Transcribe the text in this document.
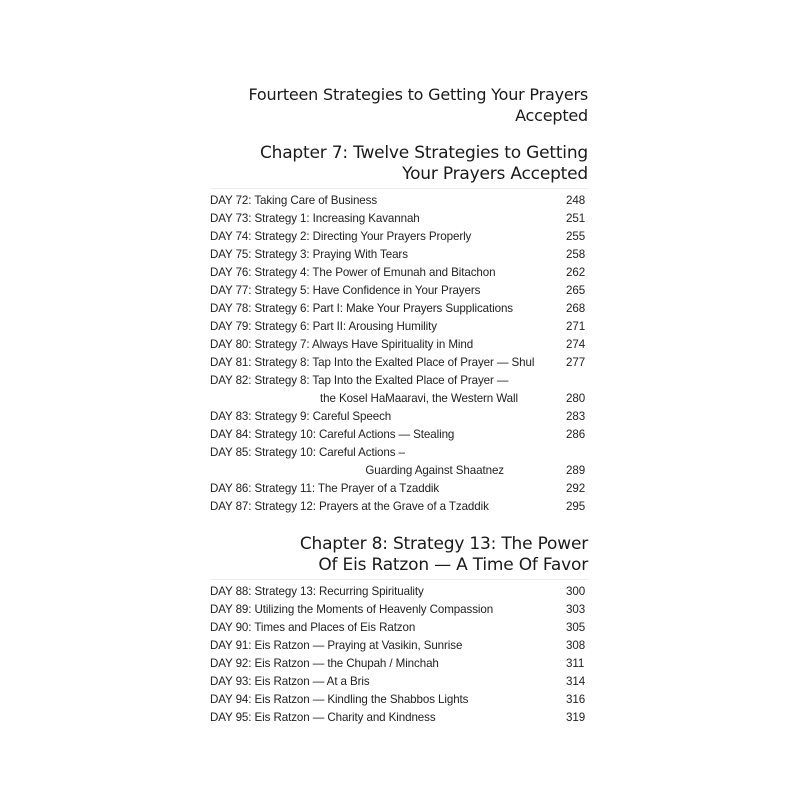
Fourteen Strategies to Getting Your Prayers Accepted
Chapter 7: Twelve Strategies to Getting
Your Prayers Accepted
DAY 72: Taking Care of Business	248
DAY 73: Strategy 1: Increasing Kavannah	251
DAY 74: Strategy 2: Directing Your Prayers Properly	255
DAY 75: Strategy 3: Praying With Tears	258
DAY 76: Strategy 4: The Power of Emunah and Bitachon	262
DAY 77: Strategy 5: Have Confidence in Your Prayers	265
DAY 78: Strategy 6: Part I: Make Your Prayers Supplications	268
DAY 79: Strategy 6: Part II: Arousing Humility	271
DAY 80: Strategy 7: Always Have Spirituality in Mind	274
DAY 81: Strategy 8: Tap Into the Exalted Place of Prayer — Shul	277
DAY 82: Strategy 8: Tap Into the Exalted Place of Prayer —
the Kosel HaMaaravi, the Western Wall	280
DAY 83: Strategy 9: Careful Speech	283
DAY 84: Strategy 10: Careful Actions — Stealing	286
DAY 85: Strategy 10: Careful Actions –
Guarding Against Shaatnez	289
DAY 86: Strategy 11: The Prayer of a Tzaddik	292
DAY 87: Strategy 12: Prayers at the Grave of a Tzaddik	295
Chapter 8: Strategy 13: The Power
Of Eis Ratzon — A Time Of Favor
DAY 88: Strategy 13: Recurring Spirituality	300
DAY 89: Utilizing the Moments of Heavenly Compassion	303
DAY 90: Times and Places of Eis Ratzon	305
DAY 91: Eis Ratzon — Praying at Vasikin, Sunrise	308
DAY 92: Eis Ratzon — the Chupah / Minchah	311
DAY 93: Eis Ratzon — At a Bris	314
DAY 94: Eis Ratzon — Kindling the Shabbos Lights	316
DAY 95: Eis Ratzon — Charity and Kindness	319
